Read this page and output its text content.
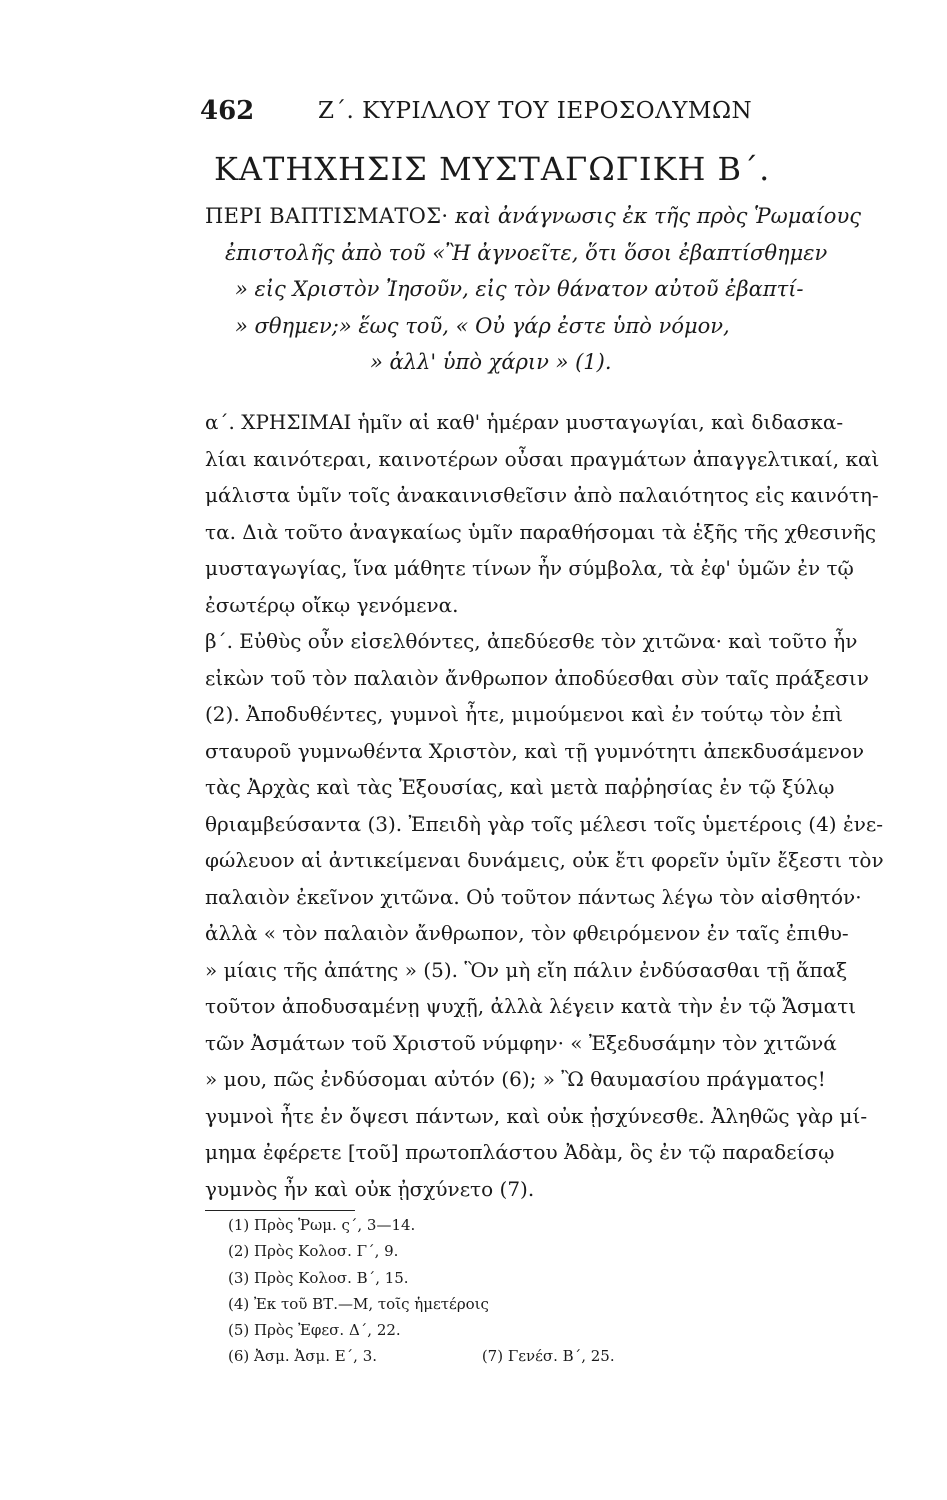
462	Ζ΄. ΚΥΡΙΛΛΟΥ ΤΟΥ ΙΕΡΟΣΟΛΥΜΩΝ
ΚΑΤΗΧΗΣΙΣ ΜΥΣΤΑΓΩΓΙΚΗ Β΄.
ΠΕΡΙ ΒΑΠΤΙΣΜΑΤΟΣ· καὶ ἀνάγνωσις ἐκ τῆς πρὸς Ῥωμαίους
ἐπιστολῆς ἀπὸ τοῦ «Ἢ ἀγνοεῖτε, ὅτι ὅσοι ἐβαπτίσθημεν
» εἰς Χριστὸν Ἰησοῦν, εἰς τὸν θάνατον αὐτοῦ ἐβαπτί-
» σθημεν;» ἕως τοῦ, « Οὐ γάρ ἐστε ὑπὸ νόμον,
» ἀλλ' ὑπὸ χάριν » (1).
α΄. ΧΡΗΣΙΜΑΙ ἡμῖν αἱ καθ' ἡμέραν μυσταγωγίαι, καὶ διδασκα-
λίαι καινότεραι, καινοτέρων οὖσαι πραγμάτων ἀπαγγελτικαί, καὶ
μάλιστα ὑμῖν τοῖς ἀνακαινισθεῖσιν ἀπὸ παλαιότητος εἰς καινότη-
τα. Διὰ τοῦτο ἀναγκαίως ὑμῖν παραθήσομαι τὰ ἑξῆς τῆς χθεσινῆς
μυσταγωγίας, ἵνα μάθητε τίνων ἦν σύμβολα, τὰ ἐφ' ὑμῶν ἐν τῷ
ἐσωτέρῳ οἴκῳ γενόμενα.
β΄. Εὐθὺς οὖν εἰσελθόντες, ἀπεδύεσθε τὸν χιτῶνα· καὶ τοῦτο ἦν
εἰκὼν τοῦ τὸν παλαιὸν ἄνθρωπον ἀποδύεσθαι σὺν ταῖς πράξεσιν
(2). Ἀποδυθέντες, γυμνοὶ ἦτε, μιμούμενοι καὶ ἐν τούτῳ τὸν ἐπὶ
σταυροῦ γυμνωθέντα Χριστὸν, καὶ τῇ γυμνότητι ἀπεκδυσάμενον
τὰς Ἀρχὰς καὶ τὰς Ἐξουσίας, καὶ μετὰ παῤῥησίας ἐν τῷ ξύλῳ
θριαμβεύσαντα (3). Ἐπειδὴ γὰρ τοῖς μέλεσι τοῖς ὑμετέροις (4) ἐνε-
φώλευον αἱ ἀντικείμεναι δυνάμεις, οὐκ ἔτι φορεῖν ὑμῖν ἔξεστι τὸν
παλαιὸν ἐκεῖνον χιτῶνα. Οὐ τοῦτον πάντως λέγω τὸν αἰσθητόν·
ἀλλὰ « τὸν παλαιὸν ἄνθρωπον, τὸν φθειρόμενον ἐν ταῖς ἐπιθυ-
» μίαις τῆς ἀπάτης » (5). Ὃν μὴ εἴη πάλιν ἐνδύσασθαι τῇ ἅπαξ
τοῦτον ἀποδυσαμένῃ ψυχῇ, ἀλλὰ λέγειν κατὰ τὴν ἐν τῷ Ἄσματι
τῶν Ἀσμάτων τοῦ Χριστοῦ νύμφην· « Ἐξεδυσάμην τὸν χιτῶνά
» μου, πῶς ἐνδύσομαι αὐτόν (6); » Ὢ θαυμασίου πράγματος!
γυμνοὶ ἦτε ἐν ὄψεσι πάντων, καὶ οὐκ ᾐσχύνεσθε. Ἀληθῶς γὰρ μί-
μημα ἐφέρετε [τοῦ] πρωτοπλάστου Ἀδὰμ, ὃς ἐν τῷ παραδείσῳ
γυμνὸς ἦν καὶ οὐκ ᾐσχύνετο (7).
(1) Πρὸς Ῥωμ. ς΄, 3—14.
(2) Πρὸς Κολοσ. Γ΄, 9.
(3) Πρὸς Κολοσ. Β΄, 15.
(4) Ἐκ τοῦ ΒΤ.—Μ, τοῖς ἡμετέροις
(5) Πρὸς Ἐφεσ. Δ΄, 22.
(6) Ἀσμ. Ἀσμ. Ε΄, 3.	(7) Γενέσ. Β΄, 25.
